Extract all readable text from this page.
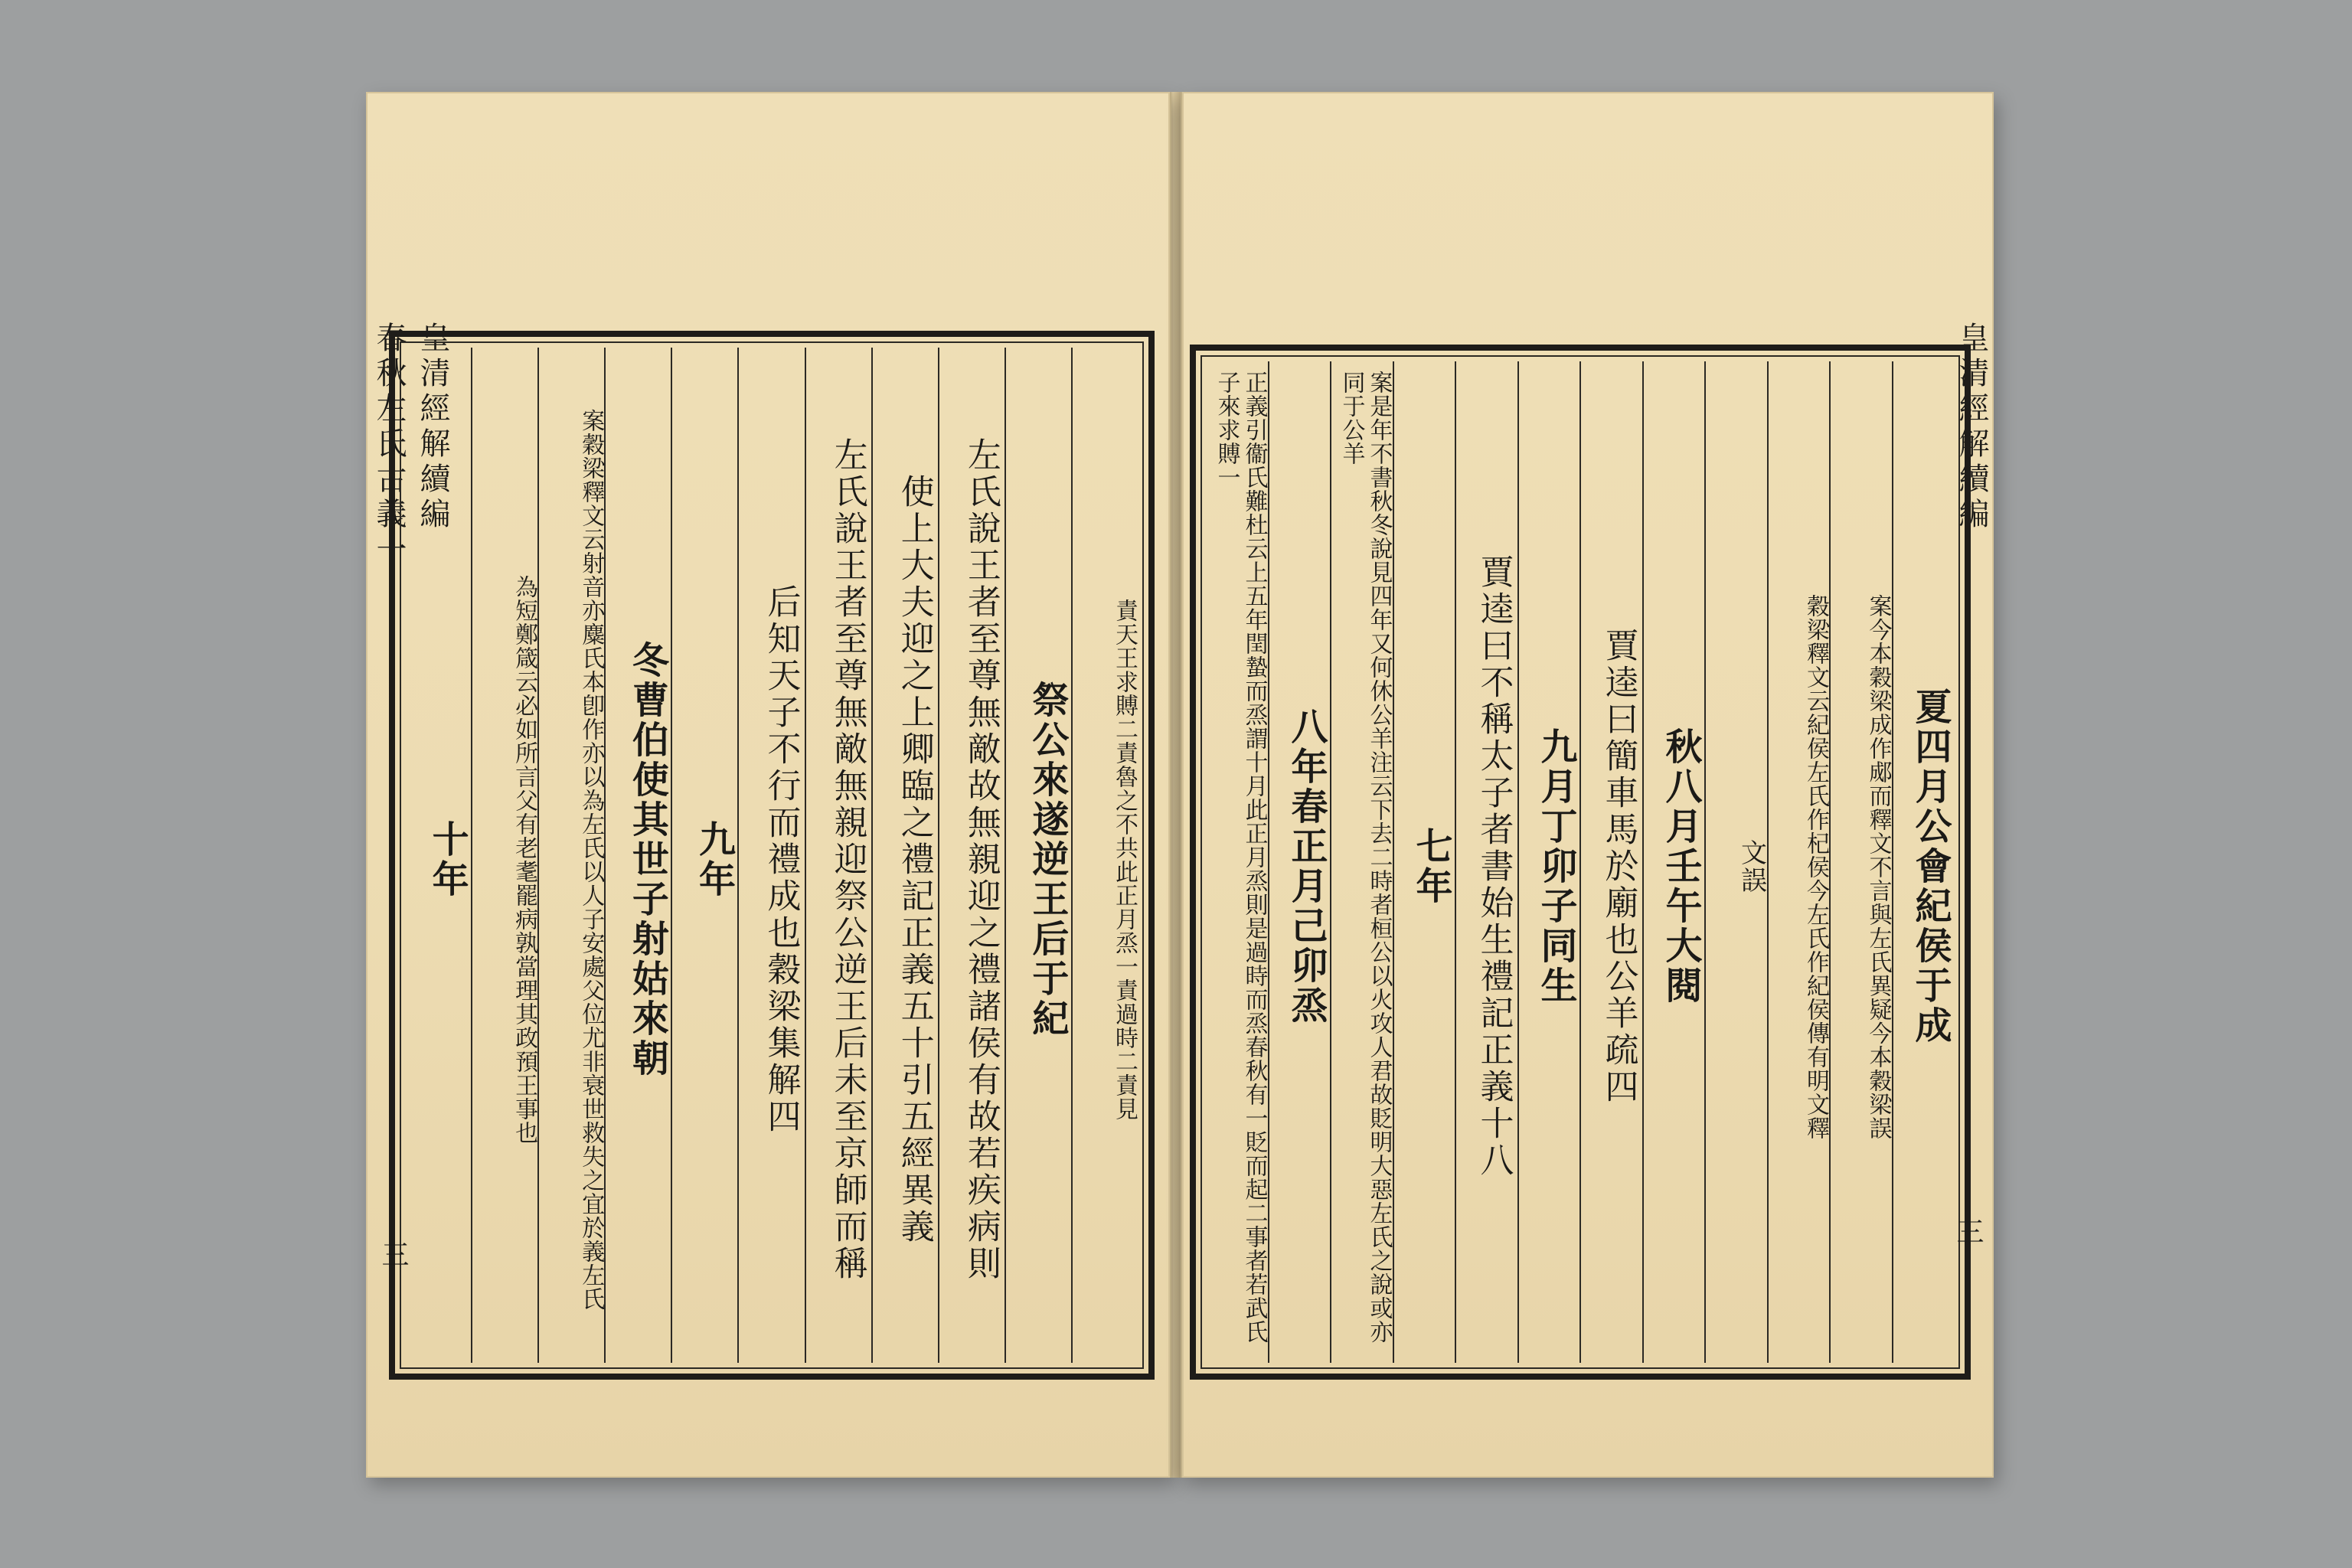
皇清經解續編
春秋左氏古義一
責天王求賻二責魯之不共此正月烝一責過時二責見
祭公來遂逆王后于紀
左氏說王者至尊無敵故無親迎之禮諸侯有故若疾病則
使上大夫迎之上卿臨之禮記正義五十引五經異義
左氏說王者至尊無敵無親迎祭公逆王后未至京師而稱
后知天子不行而禮成也穀梁集解四
九年
冬曹伯使其世子射姑來朝
案穀梁釋文云射音亦麋氏本卽作亦以為左氏以人子安處父位尤非衰世救失之宜於義左氏
為短鄭箴云必如所言父有老耄罷病孰當理其政預王事也
十年
三
皇清經解續編
夏四月公會紀侯于成
案今本穀梁成作郕而釋文不言與左氏異疑今本穀梁誤
穀梁釋文云紀侯左氏作杞侯今左氏作紀侯傳有明文釋
文誤
秋八月壬午大閱
賈逵曰簡車馬於廟也公羊疏四
九月丁卯子同生
賈逵曰不稱太子者書始生禮記正義十八
七年
案是年不書秋冬說見四年又何休公羊注云下去二時者桓公以火攻人君故貶明大惡左氏之說或亦同于公羊
八年春正月己卯烝
正義引衞氏難杜云上五年閏蟄而烝謂十月此正月烝則是過時而烝春秋有一貶而起二事者若武氏子來求賻一
三
